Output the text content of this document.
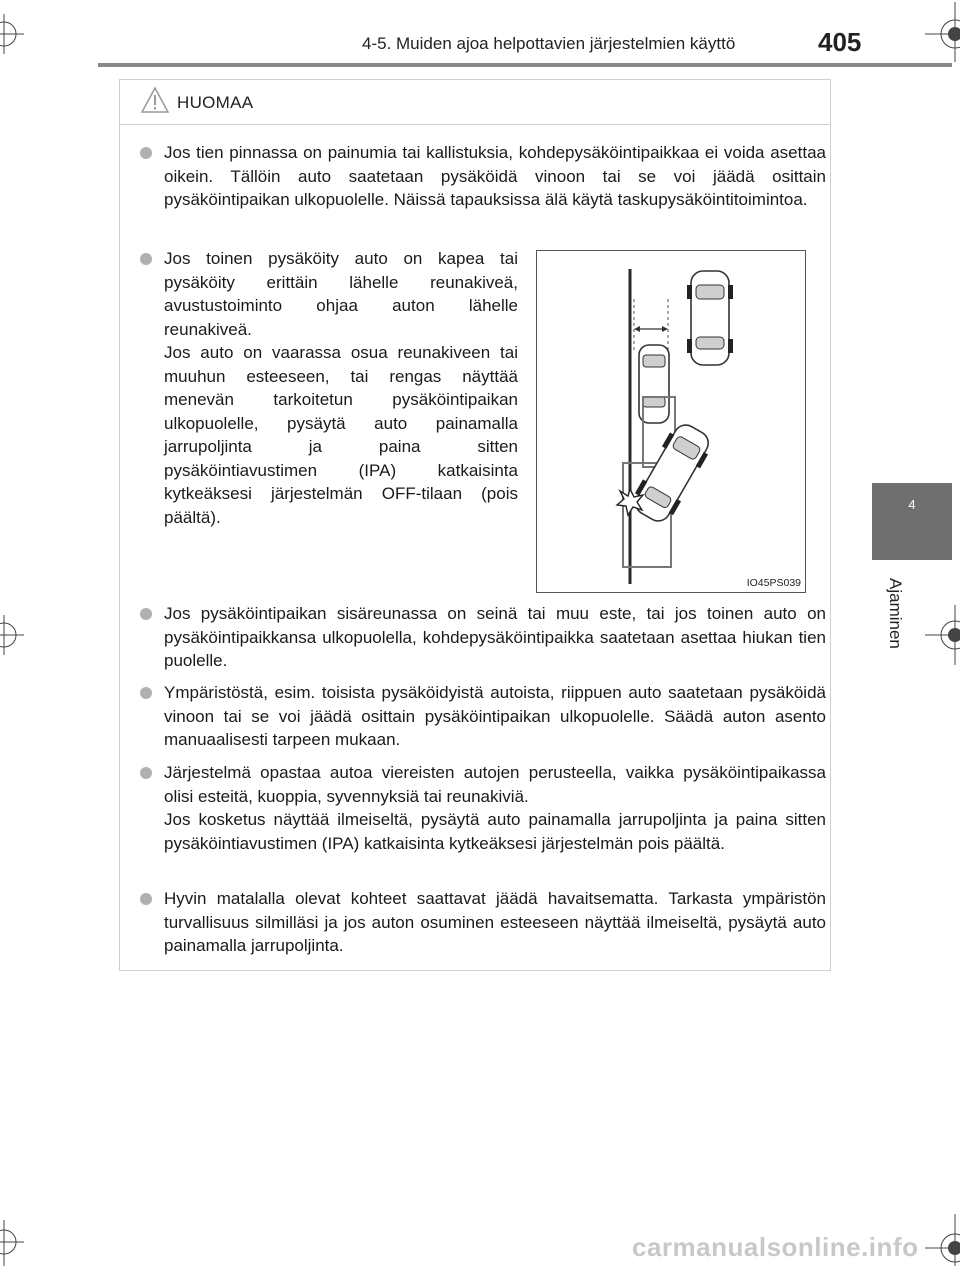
4-5. Muiden ajoa helpottavien järjestelmien käyttö	405
4
Ajaminen
HUOMAA
Jos tien pinnassa on painumia tai kallistuksia, kohdepysäköintipaikkaa ei voida asettaa oikein. Tällöin auto saatetaan pysäköidä vinoon tai se voi jäädä osittain pysäköintipaikan ulkopuolelle. Näissä tapauksissa älä käytä taskupysäköintitoimintoa.

Jos toinen pysäköity auto on kapea tai pysäköity erittäin lähelle reunakiveä, avustustoiminto ohjaa auton lähelle reunakiveä.

Jos auto on vaarassa osua reunakiveen tai muuhun esteeseen, tai rengas näyttää menevän tarkoitetun pysäköintipaikan ulkopuolelle, pysäytä auto painamalla jarrupoljinta ja paina sitten pysäköintiavustimen (IPA) katkaisinta kytkeäksesi järjestelmän OFF-tilaan (pois päältä).

Jos pysäköintipaikan sisäreunassa on seinä tai muu este, tai jos toinen auto on pysäköintipaikkansa ulkopuolella, kohdepysäköintipaikka saatetaan asettaa hiukan tien puolelle.
Ympäristöstä, esim. toisista pysäköidyistä autoista, riippuen auto saatetaan pysäköidä vinoon tai se voi jäädä osittain pysäköintipaikan ulkopuolelle. Säädä auton asento manuaalisesti tarpeen mukaan.

Järjestelmä opastaa autoa viereisten autojen perusteella, vaikka pysäköintipaikassa olisi esteitä, kuoppia, syvennyksiä tai reunakiviä.

Jos kosketus näyttää ilmeiseltä, pysäytä auto painamalla jarrupoljinta ja paina sitten pysäköintiavustimen (IPA) katkaisinta kytkeäksesi järjestelmän pois päältä.

Hyvin matalalla olevat kohteet saattavat jäädä havaitsematta. Tarkasta ympäristön turvallisuus silmilläsi ja jos auton osuminen esteeseen näyttää ilmeiseltä, pysäytä auto painamalla jarrupoljinta.
IO45PS039
carmanualsonline.info
